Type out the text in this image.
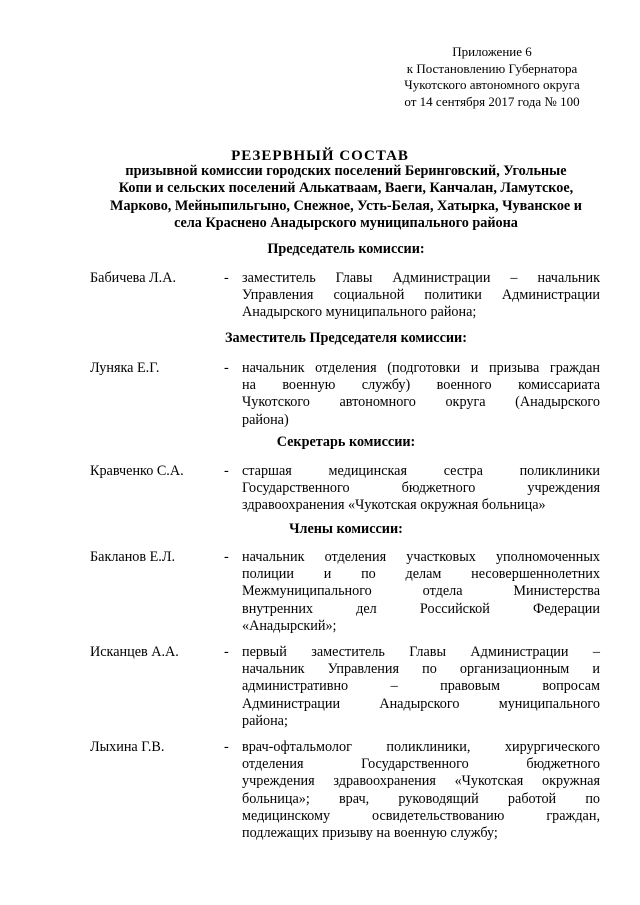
Приложение 6
к Постановлению Губернатора
Чукотского автономного округа
от 14 сентября 2017 года № 100
РЕЗЕРВНЫЙ СОСТАВ
призывной комиссии городских поселений Беринговский, Угольные
Копи и сельских поселений Алькатваам, Ваеги, Канчалан, Ламутское,
Марково, Мейныпильгыно, Снежное, Усть-Белая, Хатырка, Чуванское и
села Краснено Анадырского муниципального района
Председатель комиссии:
Бабичева Л.А.	- заместитель Главы Администрации – начальник
Управления социальной политики Администрации
Анадырского муниципального района;
Заместитель Председателя комиссии:
Луняка Е.Г.	- начальник отделения (подготовки и призыва граждан
на военную службу) военного комиссариата
Чукотского автономного округа (Анадырского
района)
Секретарь комиссии:
Кравченко С.А.	- старшая медицинская сестра поликлиники
Государственного бюджетного учреждения
здравоохранения «Чукотская окружная больница»
Члены комиссии:
Бакланов Е.Л.	- начальник отделения участковых уполномоченных
полиции и по делам несовершеннолетних
Межмуниципального отдела Министерства
внутренних дел Российской Федерации
«Анадырский»;
Исканцев А.А.	- первый заместитель Главы Администрации –
начальник Управления по организационным и
административно – правовым вопросам
Администрации Анадырского муниципального
района;
Лыхина Г.В.	- врач-офтальмолог поликлиники, хирургического
отделения Государственного бюджетного
учреждения здравоохранения «Чукотская окружная
больница»; врач, руководящий работой по
медицинскому освидетельствованию граждан,
подлежащих призыву на военную службу;
